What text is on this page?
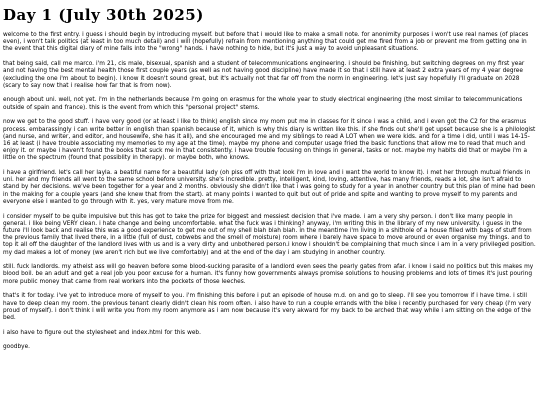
Day 1 (July 30th 2025)

welcome to the first entry. i guess i should begin by introducing myself. but before that i would like to make a small note. for anonimity purposes i won't use real names (of places even), i won't talk politics (at least in too much detail) and i will (hopefully) refrain from mentioning anything that could get me fired from a job or prevent me from getting one in the event that this digital diary of mine falls into the "wrong" hands. i have nothing to hide, but it's just a way to avoid unpleasant situations.

that being said, call me marco. i'm 21, cis male, bisexual, spanish and a student of telecommunications engineering. i should be finishing, but switching degrees on my first year and not having the best mental health those first couple years (as well as not having good discipline) have made it so that i still have at least 2 extra years of my 4 year degree (excluding the one i'm about to begin). i know it doesn't sound great, but it's actually not that far off from the norm in engineering. let's just say hopefully i'll graduate on 2028 (scary to say now that i realise how far that is from now).

enough about uni. well, not yet. i'm in the netherlands because i'm going on erasmus for the whole year to study electrical engineering (the most similar to telecommunications outside of spain and france). this is the event from which this "personal project" stems.

now we get to the good stuff. i have very good (or at least i like to think) english since my mom put me in classes for it since i was a child, and i even got the C2 for the erasmus process. embarassingly i can write better in english than spanish because of it, which is why this diary is written like this. if she finds out she'll get upset because she is a philologist (and nurse, and writer, and editor, and housewife, she has it all), and she encouraged me and my siblings to read A LOT when we were kids. and for a time i did, until i was 14-15-16 at least (i have trouble associating my memories to my age at the time). maybe my phone and computer usage fried the basic functions that allow me to read that much and enjoy it. or maybe i haven't found the books that suck me in that consistently. i have trouble focusing on things in general, tasks or not. maybe my habits did that or maybe i'm a little on the spectrum (found that possiblity in therapy). or maybe both, who knows.

i have a girlfriend. let's call her layla. a beatiful name for a beautiful lady (oh piss off with that look i'm in love and i want the world to know it). i met her through mutual friends in uni. her and my friends all went to the same school before university. she's incredible. pretty, intelligent, kind, loving, attentive, has many friends, reads a lot, she isn't afraid to stand by her decisions. we've been together for a year and 2 months. obviously she didn't like that i was going to study for a year in another country but this plan of mine had been in the making for a couple years (and she knew that from the start). at many points i wanted to quit but out of pride and spite and wanting to prove myself to my parents and everyone else i wanted to go through with it. yes, very mature move from me.

i consider myself to be quite impulsive but this has got to take the prize for biggest and messiest decision that i've made. i am a very shy person. i don't like many people in general. i like being VERY clean. i hate change and being uncomfortable. what the fuck was i thinking? anyway, i'm writing this in the library of my new university. i guess in the future i'll look back and realise this was a good experience to get me out of my shell blah blah blah. in the meantime i'm living in a shithole of a house filled with bags of stuff from the previous family that lived there, in a little (full of dust, cobwebs and the smell of moisture) room where i barely have space to move around or even organise my things. and to top it all off the daughter of the landlord lives with us and is a very dirty and unbothered person.i know i shouldn't be complaining that much since i am in a very privileged position. my dad makes a lot of money (we aren't rich but we live comfortably) and at the end of the day i am studying in another country.

still. fuck landlords. my atheist ass will go heaven before some blood-sucking parasite of a landlord even sees the pearly gates from afar. i know i said no politics but this makes my blood boil. be an adult and get a real job you poor excuse for a human. it's funny how governments always promise solutions to housing problems and lots of times it's just pouring more public money that came from real workers into the pockets of those leeches.

that's it for today. i've yet to introduce more of myself to you. i'm finishing this before i put an episode of house m.d. on and go to sleep. i'll see you tomorrow if i have time. i still have to deep clean my room. the previous tenant clearly didn't clean his room often. i also have to run a couple errands with the bike i recently purchased for very cheap (i'm very proud of myself). i don't think i will write you from my room anymore as i am now because it's very akward for my back to be arched that way while i am sitting on the edge of the bed.

i also have to figure out the stylesheet and index.html for this web.

goodbye.
